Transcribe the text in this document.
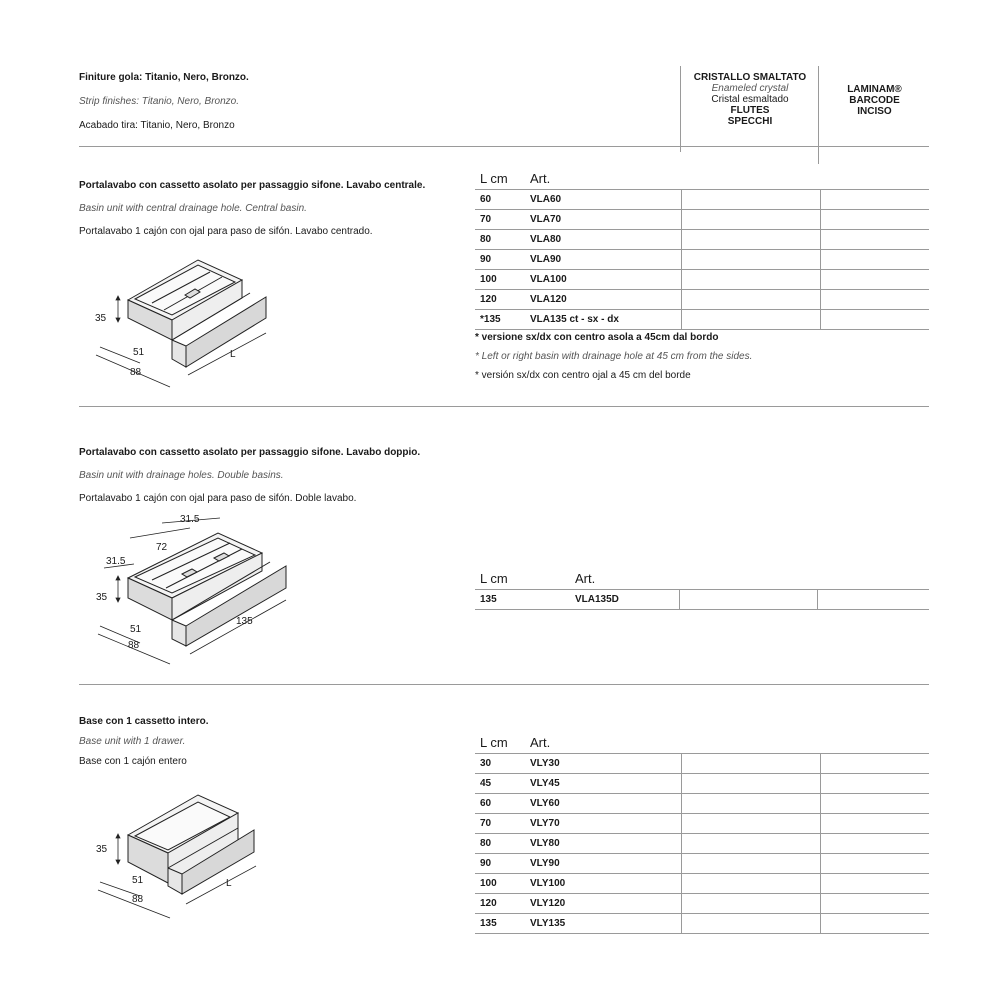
Finiture gola: Titanio, Nero, Bronzo.
Strip finishes: Titanio, Nero, Bronzo.
Acabado tira: Titanio, Nero, Bronzo
CRISTALLO SMALTATO
Enameled crystal
Cristal esmaltado
FLUTES
SPECCHI
LAMINAM®
BARCODE
INCISO
Portalavabo con cassetto asolato per passaggio sifone. Lavabo centrale.
Basin unit with central drainage hole. Central basin.
Portalavabo 1 cajón con ojal para paso de sifón. Lavabo centrado.
35
51
88
L
L cm Art.
60	VLA60
70	VLA70
80	VLA80
90	VLA90
100	VLA100
120	VLA120
*135	VLA135 ct - sx - dx
* versione sx/dx con centro asola a 45cm dal bordo
* Left or right basin with drainage hole at 45 cm from the sides.
* versión sx/dx con centro ojal a 45 cm del borde
Portalavabo con cassetto asolato per passaggio sifone. Lavabo doppio.
Basin unit with drainage holes. Double basins.
Portalavabo 1 cajón con ojal para paso de sifón. Doble lavabo.
31.5
72
31.5
35
51
88
135
L cm	Art.
135	VLA135D
Base con 1 cassetto intero.
Base unit with 1 drawer.
Base con 1 cajón entero
35
51
88
L
L cm Art.
30	VLY30
45	VLY45
60	VLY60
70	VLY70
80	VLY80
90	VLY90
100	VLY100
120	VLY120
135	VLY135
